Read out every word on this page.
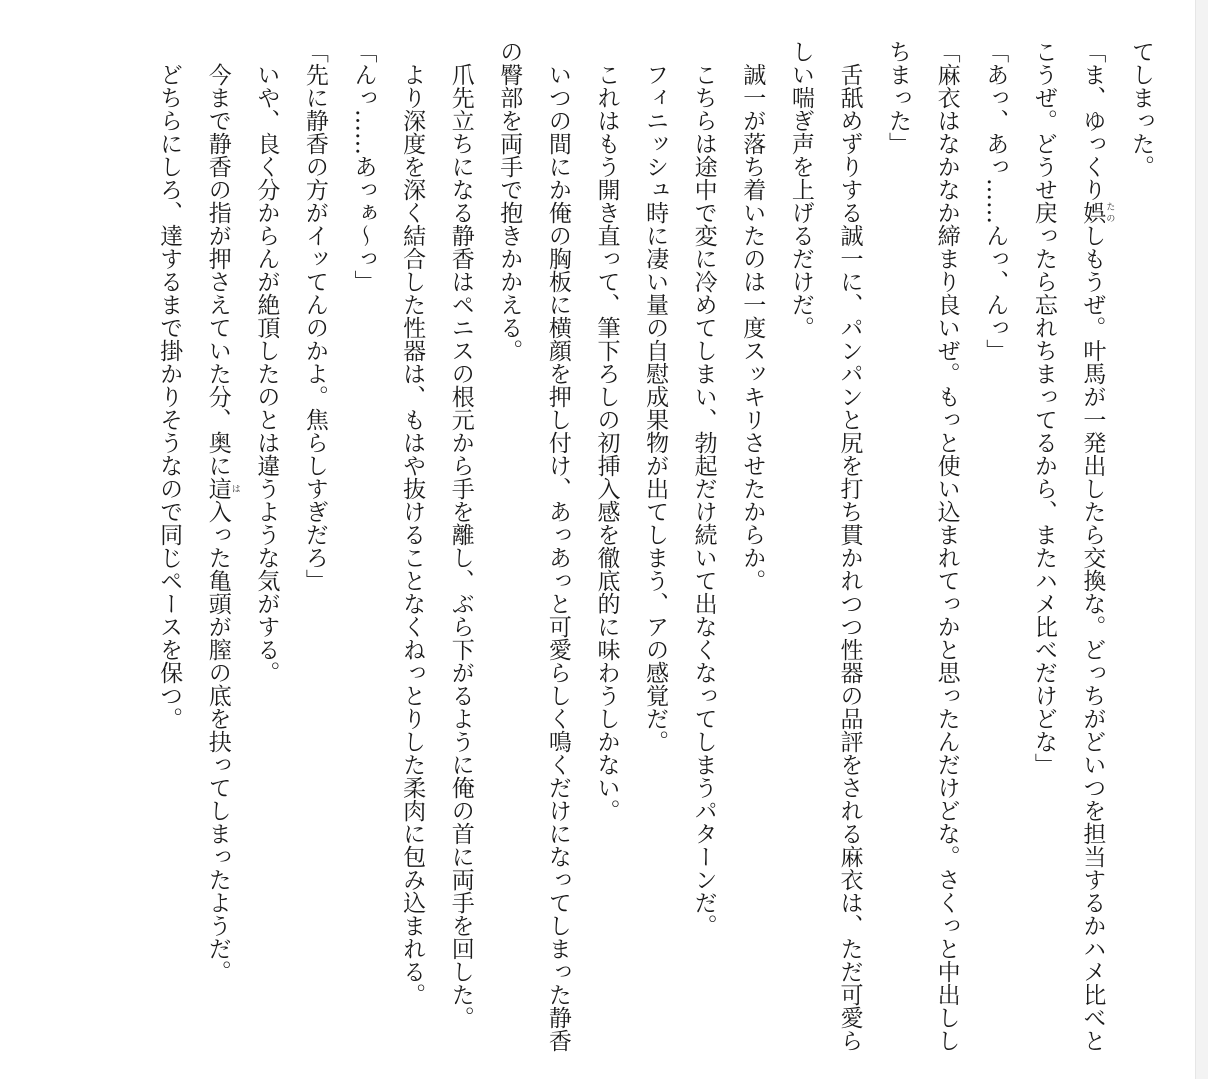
てしまった。

「ま、ゆっくり娯 たのしもうぜ。叶馬が一発出したら交換な。どっちがどいつを担当するかハメ比べとこうぜ。どうせ戻ったら忘れちまってるから、またハメ比べだけどな」

「あっ、あっ……んっ、んっ」

「麻衣はなかなか締まり良いぜ。もっと使い込まれてっかと思ったんだけどな。さくっと中出ししちまった」

舌舐めずりする誠一に、パンパンと尻を打ち貫かれつつ性器の品評をされる麻衣は、ただ可愛らしい喘ぎ声を上げるだけだ。

誠一が落ち着いたのは一度スッキリさせたからか。

こちらは途中で変に冷めてしまい、勃起だけ続いて出なくなってしまうパターンだ。

フィニッシュ時に凄い量の自慰成果物が出てしまう、アの感覚だ。

これはもう開き直って、筆下ろしの初挿入感を徹底的に味わうしかない。

いつの間にか俺の胸板に横顔を押し付け、あっあっと可愛らしく鳴くだけになってしまった静香の臀部を両手で抱きかかえる。

爪先立ちになる静香はペニスの根元から手を離し、ぶら下がるように俺の首に両手を回した。

より深度を深く結合した性器は、もはや抜けることなくねっとりした柔肉に包み込まれる。

「んっ……あっぁ～っ」

「先に静香の方がイッてんのかよ。焦らしすぎだろ」

いや、良く分からんが絶頂したのとは違うような気がする。

今まで静香の指が押さえていた分、奥に這 は入った亀頭が膣の底を抉ってしまったようだ。

どちらにしろ、達するまで掛かりそうなので同じペースを保つ。
